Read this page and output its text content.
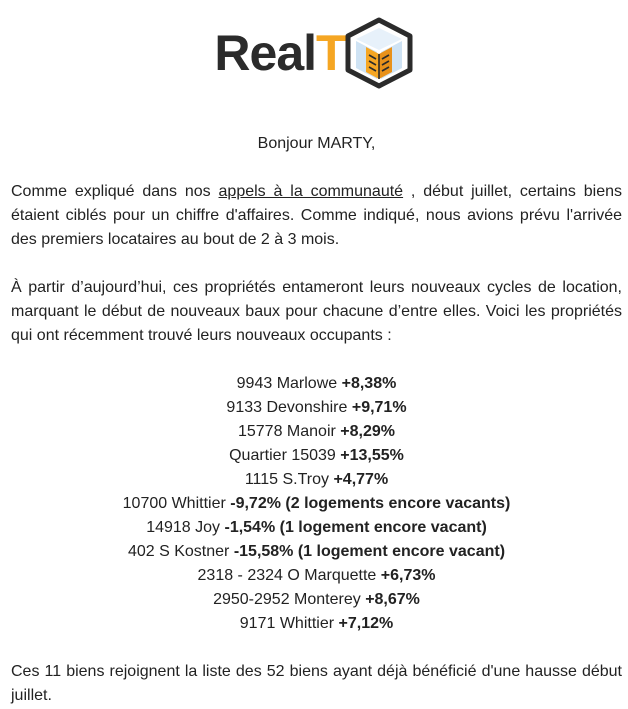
RealT

Bonjour MARTY,

Comme expliqué dans nos appels à la communauté , début juillet, certains biens étaient ciblés pour un chiffre d'affaires. Comme indiqué, nous avions prévu l'arrivée des premiers locataires au bout de 2 à 3 mois.

À partir d’aujourd’hui, ces propriétés entameront leurs nouveaux cycles de location, marquant le début de nouveaux baux pour chacune d’entre elles. Voici les propriétés qui ont récemment trouvé leurs nouveaux occupants :

9943 Marlowe +8,38%
9133 Devonshire +9,71%
15778 Manoir +8,29%
Quartier 15039 +13,55%
1115 S.Troy +4,77%
10700 Whittier -9,72% (2 logements encore vacants)
14918 Joy -1,54% (1 logement encore vacant)
402 S Kostner -15,58% (1 logement encore vacant)
2318 - 2324 O Marquette +6,73%
2950-2952 Monterey +8,67%
9171 Whittier +7,12%

Ces 11 biens rejoignent la liste des 52 biens ayant déjà bénéficié d'une hausse début juillet.
